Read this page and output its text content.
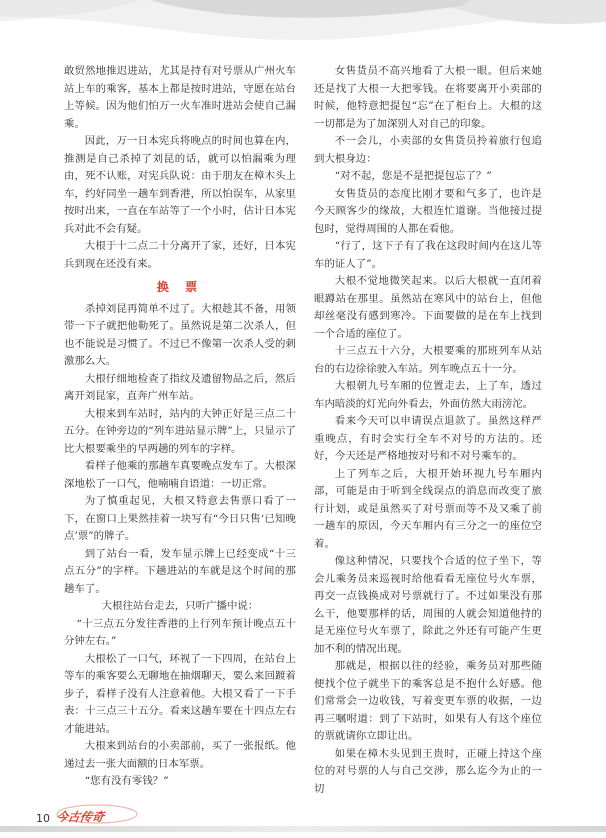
敢贸然地推迟进站，尤其是持有对号票从广州火车站上车的乘客，基本上都是按时进站，守愿在站台上等候。因为他们怕万一火车准时进站会使自己漏乘。

因此，万一日本宪兵将晚点的时间也算在内，推测是自己杀掉了刘昆的话，就可以怕漏乘为理由，死不认账，对宪兵队说：由于朋友在樟木头上车，约好同坐一趟车到香港，所以怕误车，从家里按时出来，一直在车站等了一个小时，估计日本宪兵对此不会有疑。

大根于十二点二十分离开了家，还好，日本宪兵到现在还没有来。

换 票

杀掉刘昆再简单不过了。大根趁其不备，用领带一下子就把他勒死了。虽然说是第二次杀人，但也不能说是习惯了。不过已不像第一次杀人受的刺激那么大。

大根仔细地检查了指纹及遗留物品之后，然后离开刘昆家，直奔广州车站。

大根来到车站时，站内的大钟正好是三点二十五分。在钟旁边的“列车进站显示牌”上，只显示了比大根要乘坐的早两趟的列车的字样。

看样子他乘的那趟车真要晚点发车了。大根深深地松了一口气，他喃喃自语道：一切正常。

为了慎重起见，大根又特意去售票口看了一下，在窗口上果然挂着一块写有“今日只售‘已知晚点’票”的牌子。

到了站台一看，发车显示牌上已经变成“十三点五分”的字样。下趟进站的车就是这个时间的那趟车了。

大根往站台走去，只听广播中说：

“十三点五分发往香港的上行列车预计晚点五十分钟左右。”

大根松了一口气，环视了一下四周，在站台上等车的乘客要么无聊地在抽烟聊天，要么来回踱着步子，看样子没有人注意着他。大根又看了一下手表：十三点三十五分。看来这趟车要在十四点左右才能进站。

大根来到站台的小卖部前，买了一张报纸。他递过去一张大面额的日本军票。

“您有没有零钱？”

女售货员不高兴地看了大根一眼。但后来她还是找了大根一大把零钱。在将要离开小卖部的时候，他特意把提包“忘”在了柜台上。大根的这一切都是为了加深别人对自己的印象。

不一会儿，小卖部的女售货员拎着旅行包追到大根身边：

“对不起，您是不是把提包忘了？”

女售货员的态度比刚才要和气多了，也许是今天顾客少的缘故，大根连忙道谢。当他接过提包时，觉得周围的人都在看他。

“行了，这下子有了我在这段时间内在这儿等车的证人了”。

大根不觉地微笑起来。以后大根就一直闭着眼蹲站在那里。虽然站在寒风中的站台上，但他却丝毫没有感到寒冷。下面要做的是在车上找到一个合适的座位了。

十三点五十六分，大根要乘的那班列车从站台的右边徐徐驶入车站。列车晚点五十一分。

大根朝九号车厢的位置走去，上了车，透过车内暗淡的灯光向外看去，外面仿然大雨滂沱。

看来今天可以申请误点退款了。虽然这样严重晚点，有时会实行全车不对号的方法的。还好，今天还是严格地按对号和不对号乘车的。

上了列车之后，大根开始环视九号车厢内部，可能是由于听到全线误点的消息而改变了旅行计划，或是虽然买了对号票而等不及又乘了前一趟车的原因，今天车厢内有三分之一的座位空着。

像这种情况，只要找个合适的位子坐下，等会儿乘务员来巡视时给他看看无座位号火车票，再交一点钱换成对号票就行了。不过如果没有那么干，他要那样的话，周围的人就会知道他持的是无座位号火车票了，除此之外还有可能产生更加不利的情况出现。

那就是，根据以往的经验，乘务员对那些随便找个位子就坐下的乘客总是不抱什么好感。他们常常会一边收钱，写着变更车票的收据，一边再三嘱咐道：到了下站时，如果有人有这个座位的票就请你立即让出。

如果在樟木头见到王贵时，正碰上持这个座位的对号票的人与自己交涉，那么迄今为止的一切

10 今古传奇
